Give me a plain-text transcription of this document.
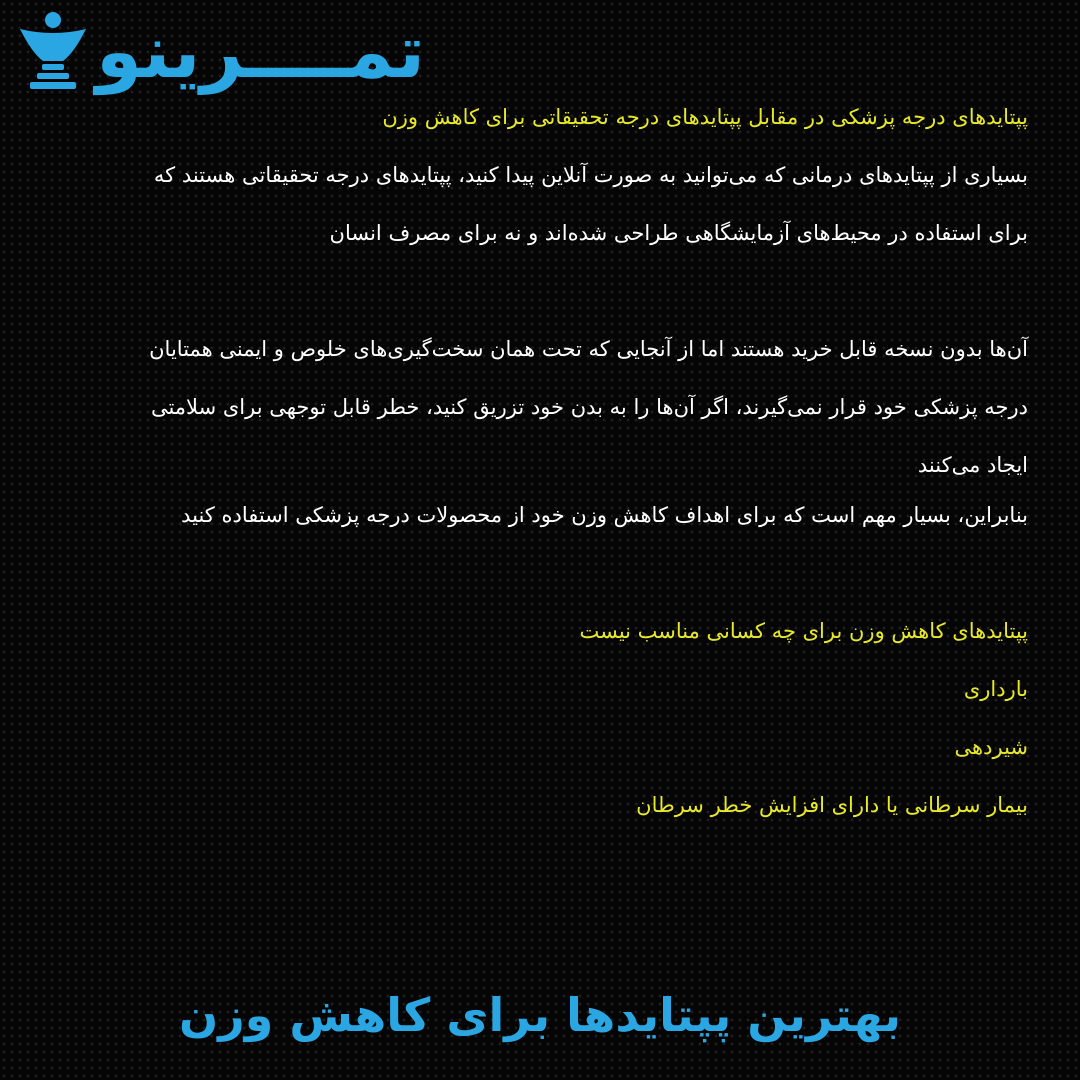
تمــــرینو
پپتایدهای درجه پزشکی در مقابل پپتایدهای درجه تحقیقاتی برای کاهش وزن
بسیاری از پپتایدهای درمانی که می‌توانید به صورت آنلاین پیدا کنید، پپتایدهای درجه تحقیقاتی هستند که
برای استفاده در محیط‌های آزمایشگاهی طراحی شده‌اند و نه برای مصرف انسان
آن‌ها بدون نسخه قابل خرید هستند اما از آنجایی که تحت همان سخت‌گیری‌های خلوص و ایمنی همتایان
درجه پزشکی خود قرار نمی‌گیرند، اگر آن‌ها را به بدن خود تزریق کنید، خطر قابل توجهی برای سلامتی
ایجاد می‌کنند
بنابراین، بسیار مهم است که برای اهداف کاهش وزن خود از محصولات درجه پزشکی استفاده کنید
پپتایدهای کاهش وزن برای چه کسانی مناسب نیست
بارداری
شیردهی
بیمار سرطانی یا دارای افزایش خطر سرطان
بهترین پپتایدها برای کاهش وزن
